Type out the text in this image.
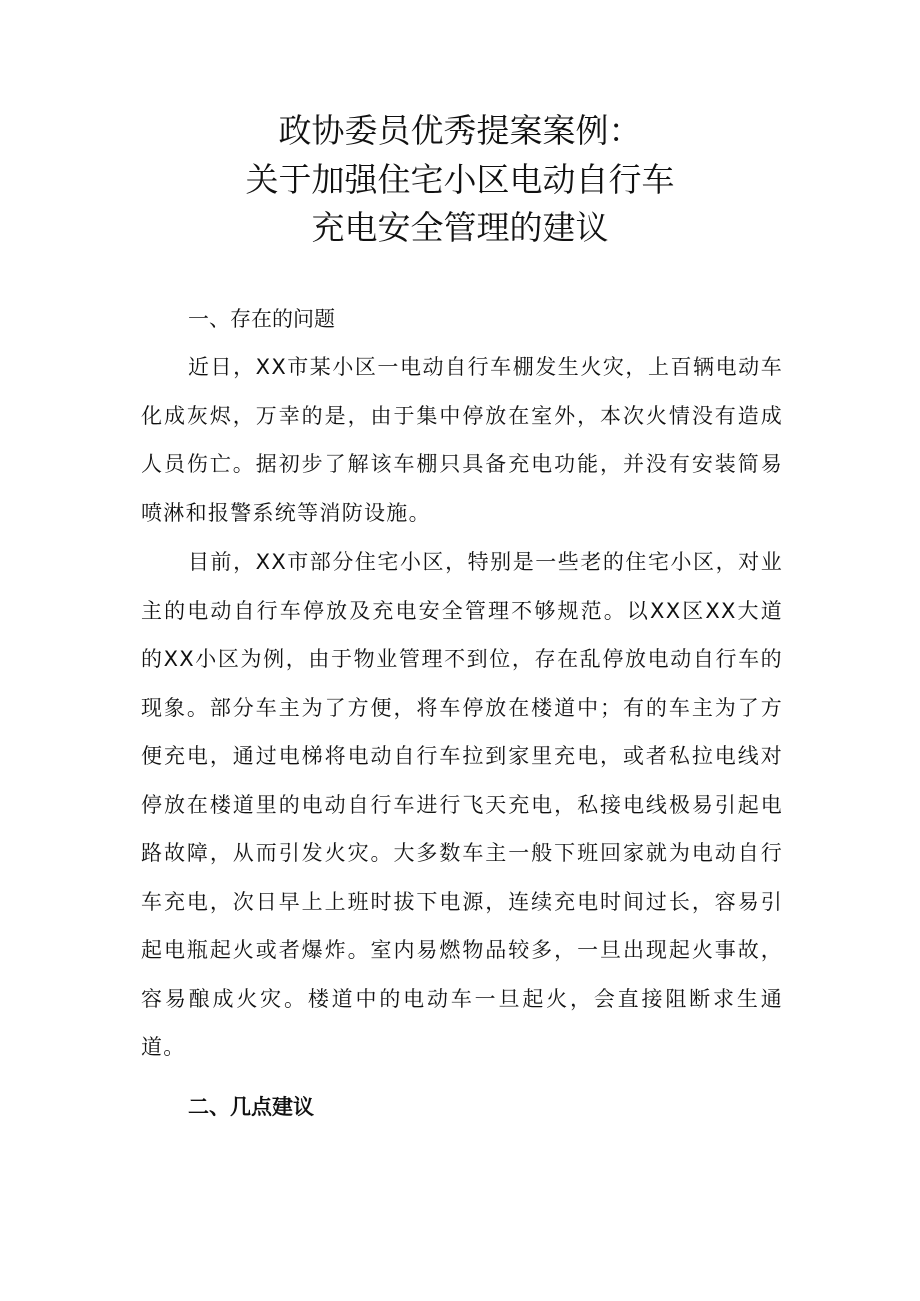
政协委员优秀提案案例：
关于加强住宅小区电动自行车
充电安全管理的建议
一、存在的问题

近日，XX市某小区一电动自行车棚发生火灾，上百辆电动车化成灰烬，万幸的是，由于集中停放在室外，本次火情没有造成人员伤亡。据初步了解该车棚只具备充电功能，并没有安装简易喷淋和报警系统等消防设施。

目前，XX市部分住宅小区，特别是一些老的住宅小区，对业主的电动自行车停放及充电安全管理不够规范。以XX区XX大道的XX小区为例，由于物业管理不到位，存在乱停放电动自行车的现象。部分车主为了方便，将车停放在楼道中；有的车主为了方便充电，通过电梯将电动自行车拉到家里充电，或者私拉电线对停放在楼道里的电动自行车进行飞天充电，私接电线极易引起电路故障，从而引发火灾。大多数车主一般下班回家就为电动自行车充电，次日早上上班时拔下电源，连续充电时间过长，容易引起电瓶起火或者爆炸。室内易燃物品较多，一旦出现起火事故，容易酿成火灾。楼道中的电动车一旦起火，会直接阻断求生通道。

二、几点建议
